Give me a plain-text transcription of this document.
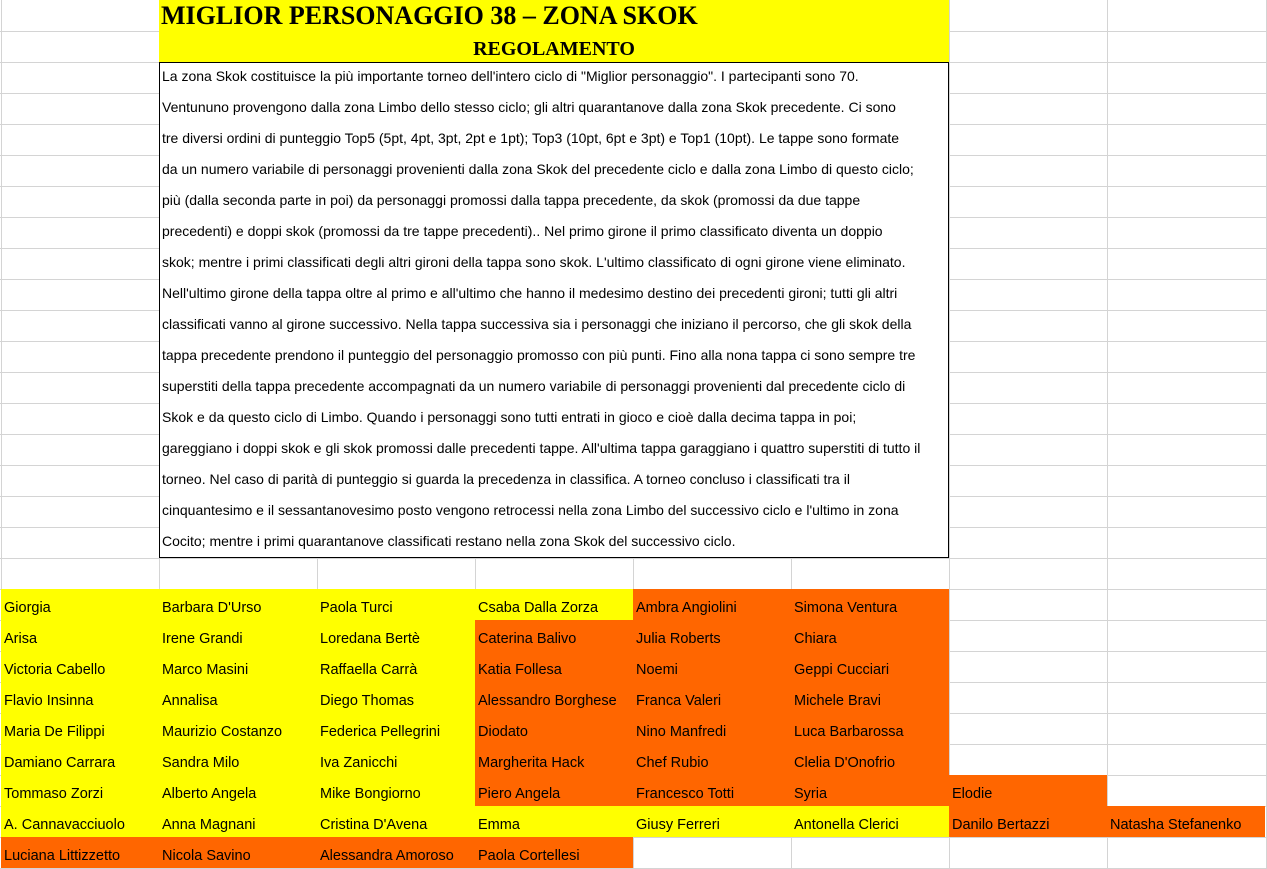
MIGLIOR PERSONAGGIO 38 – ZONA SKOK
REGOLAMENTO
La zona Skok costituisce la più importante torneo dell'intero ciclo di "Miglior personaggio". I partecipanti sono 70.
Ventununo provengono dalla zona Limbo dello stesso ciclo; gli altri quarantanove dalla zona Skok precedente. Ci sono
tre diversi ordini di punteggio Top5 (5pt, 4pt, 3pt, 2pt e 1pt); Top3 (10pt, 6pt e 3pt) e Top1 (10pt). Le tappe sono formate
da un numero variabile di personaggi provenienti dalla zona Skok del precedente ciclo e dalla zona Limbo di questo ciclo;
più (dalla seconda parte in poi) da personaggi promossi dalla tappa precedente, da skok (promossi da due tappe
precedenti) e doppi skok (promossi da tre tappe precedenti).. Nel primo girone il primo classificato diventa un doppio
skok; mentre i primi classificati degli altri gironi della tappa sono skok. L'ultimo classificato di ogni girone viene eliminato.
Nell'ultimo girone della tappa oltre al primo e all'ultimo che hanno il medesimo destino dei precedenti gironi; tutti gli altri
classificati vanno al girone successivo. Nella tappa successiva sia i personaggi che iniziano il percorso, che gli skok della
tappa precedente prendono il punteggio del personaggio promosso con più punti. Fino alla nona tappa ci sono sempre tre
superstiti della tappa precedente accompagnati da un numero variabile di personaggi provenienti dal precedente ciclo di
Skok e da questo ciclo di Limbo. Quando i personaggi sono tutti entrati in gioco e cioè dalla decima tappa in poi;
gareggiano i doppi skok e gli skok promossi dalle precedenti tappe. All'ultima tappa garaggiano i quattro superstiti di tutto il
torneo. Nel caso di parità di punteggio si guarda la precedenza in classifica. A torneo concluso i classificati tra il
cinquantesimo e il sessantanovesimo posto vengono retrocessi nella zona Limbo del successivo ciclo e l'ultimo in zona
Cocito; mentre i primi quarantanove classificati restano nella zona Skok del successivo ciclo.
Giorgia	Barbara D'Urso	Paola Turci	Csaba Dalla Zorza	Ambra Angiolini	Simona Ventura
Arisa	Irene Grandi	Loredana Bertè	Caterina Balivo	Julia Roberts	Chiara
Victoria Cabello	Marco Masini	Raffaella Carrà	Katia Follesa	Noemi	Geppi Cucciari
Flavio Insinna	Annalisa	Diego Thomas	Alessandro Borghese	Franca Valeri	Michele Bravi
Maria De Filippi	Maurizio Costanzo	Federica Pellegrini	Diodato	Nino Manfredi	Luca Barbarossa
Damiano Carrara	Sandra Milo	Iva Zanicchi	Margherita Hack	Chef Rubio	Clelia D'Onofrio
Tommaso Zorzi	Alberto Angela	Mike Bongiorno	Piero Angela	Francesco Totti	Syria	Elodie
A. Cannavacciuolo	Anna Magnani	Cristina D'Avena	Emma	Giusy Ferreri	Antonella Clerici	Danilo Bertazzi	Natasha Stefanenko
Luciana Littizzetto	Nicola Savino	Alessandra Amoroso	Paola Cortellesi
